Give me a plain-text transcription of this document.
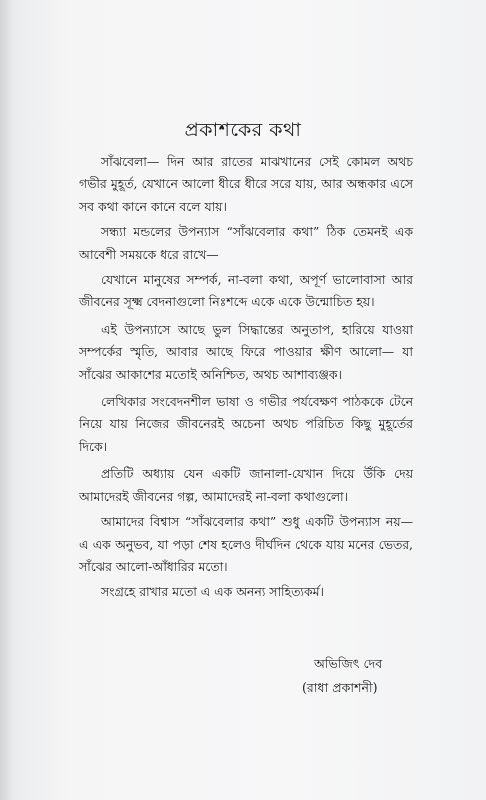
প্রকাশকের কথা

সাঁঝবেলা— দিন আর রাতের মাঝখানের সেই কোমল অথচ গভীর মুহূর্ত, যেখানে আলো ধীরে ধীরে সরে যায়, আর অন্ধকার এসে সব কথা কানে কানে বলে যায়।

সন্ধ্যা মন্ডলের উপন্যাস “সাঁঝবেলার কথা” ঠিক তেমনই এক আবেশী সময়কে ধরে রাখে—

যেখানে মানুষের সম্পর্ক, না-বলা কথা, অপূর্ণ ভালোবাসা আর জীবনের সূক্ষ্ম বেদনাগুলো নিঃশব্দে একে একে উন্মোচিত হয়।

এই উপন্যাসে আছে ভুল সিদ্ধান্তের অনুতাপ, হারিয়ে যাওয়া সম্পর্কের স্মৃতি, আবার আছে ফিরে পাওয়ার ক্ষীণ আলো— যা সাঁঝের আকাশের মতোই অনিশ্চিত, অথচ আশাব্যঞ্জক।

লেখিকার সংবেদনশীল ভাষা ও গভীর পর্যবেক্ষণ পাঠককে টেনে নিয়ে যায় নিজের জীবনেরই অচেনা অথচ পরিচিত কিছু মুহূর্তের দিকে।

প্রতিটি অধ্যায় যেন একটি জানালা-যেখান দিয়ে উঁকি দেয় আমাদেরই জীবনের গল্প, আমাদেরই না-বলা কথাগুলো।

আমাদের বিশ্বাস “সাঁঝবেলার কথা” শুধু একটি উপন্যাস নয়— এ এক অনুভব, যা পড়া শেষ হলেও দীর্ঘদিন থেকে যায় মনের ভেতর, সাঁঝের আলো-আঁধারির মতো।

সংগ্রহে রাখার মতো এ এক অনন্য সাহিত্যকর্ম।

অভিজিৎ দেব
(রাধা প্রকাশনী)
